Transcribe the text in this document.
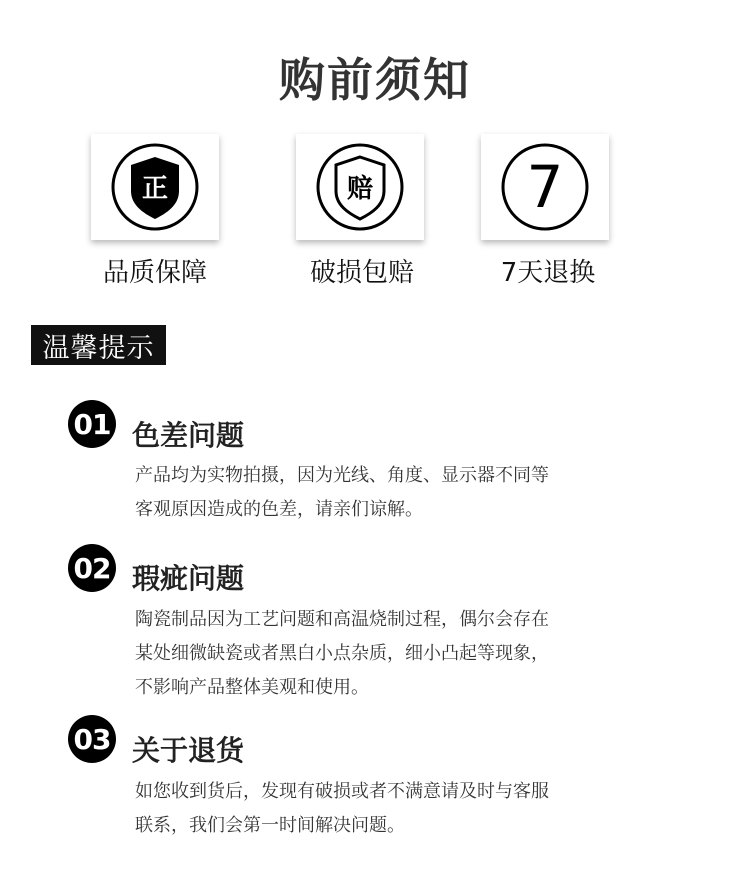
购前须知
正
品质保障
赔
破损包赔
7
7天退换
温馨提示
01 色差问题
产品均为实物拍摄，因为光线、角度、显示器不同等
客观原因造成的色差，请亲们谅解。
02 瑕疵问题
陶瓷制品因为工艺问题和高温烧制过程，偶尔会存在
某处细微缺瓷或者黑白小点杂质，细小凸起等现象，
不影响产品整体美观和使用。
03 关于退货
如您收到货后，发现有破损或者不满意请及时与客服
联系，我们会第一时间解决问题。
